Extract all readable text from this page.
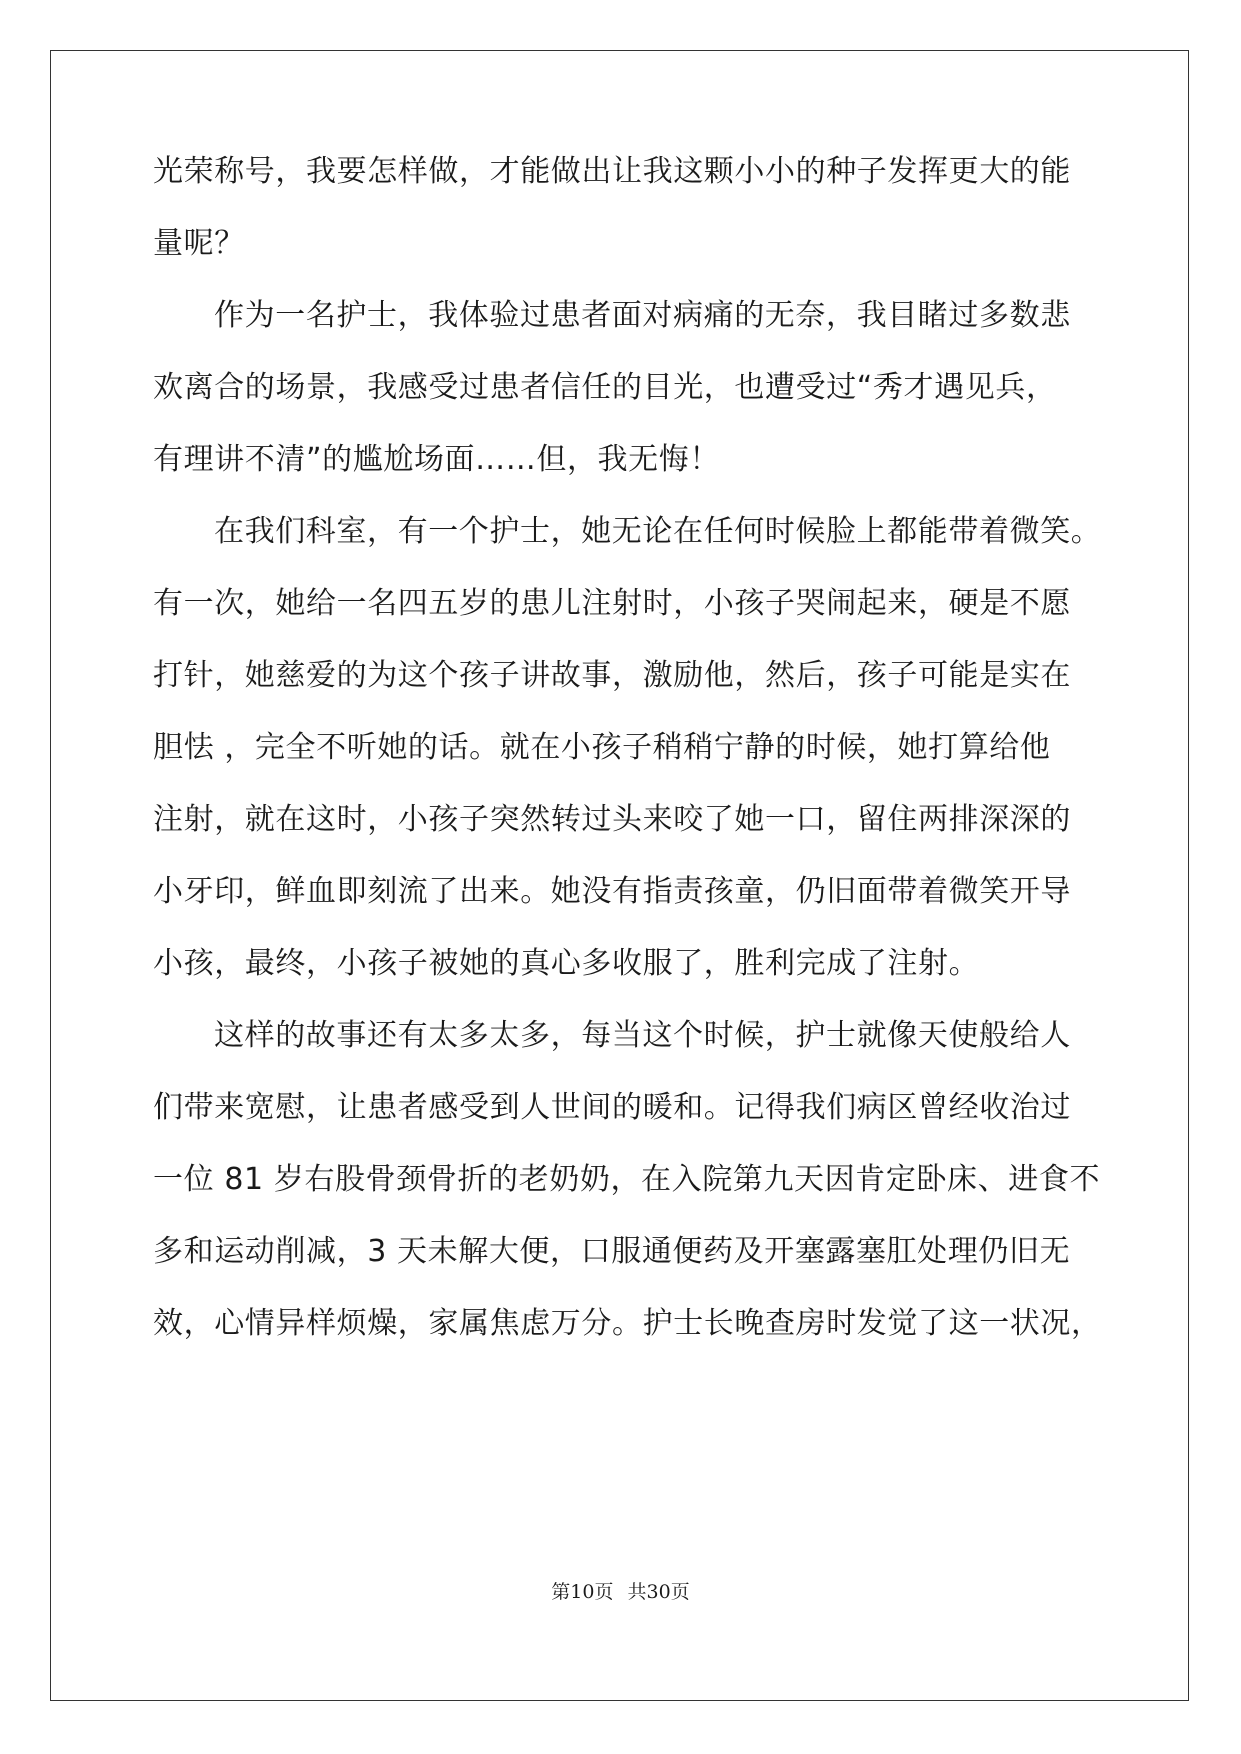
光荣称号，我要怎样做，才能做出让我这颗小小的种子发挥更大的能
量呢？
作为一名护士，我体验过患者面对病痛的无奈，我目睹过多数悲
欢离合的场景，我感受过患者信任的目光，也遭受过“秀才遇见兵，
有理讲不清”的尴尬场面……但，我无悔！
在我们科室，有一个护士，她无论在任何时候脸上都能带着微笑。
有一次，她给一名四五岁的患儿注射时，小孩子哭闹起来，硬是不愿
打针，她慈爱的为这个孩子讲故事，激励他，然后，孩子可能是实在
胆怯 ，完全不听她的话。就在小孩子稍稍宁静的时候，她打算给他
注射，就在这时，小孩子突然转过头来咬了她一口，留住两排深深的
小牙印，鲜血即刻流了出来。她没有指责孩童，仍旧面带着微笑开导
小孩，最终，小孩子被她的真心多收服了，胜利完成了注射。
这样的故事还有太多太多，每当这个时候，护士就像天使般给人
们带来宽慰，让患者感受到人世间的暖和。记得我们病区曾经收治过
一位 81 岁右股骨颈骨折的老奶奶，在入院第九天因肯定卧床、进食不
多和运动削减，3 天未解大便，口服通便药及开塞露塞肛处理仍旧无
效，心情异样烦燥，家属焦虑万分。护士长晚查房时发觉了这一状况，
第10页 共30页
